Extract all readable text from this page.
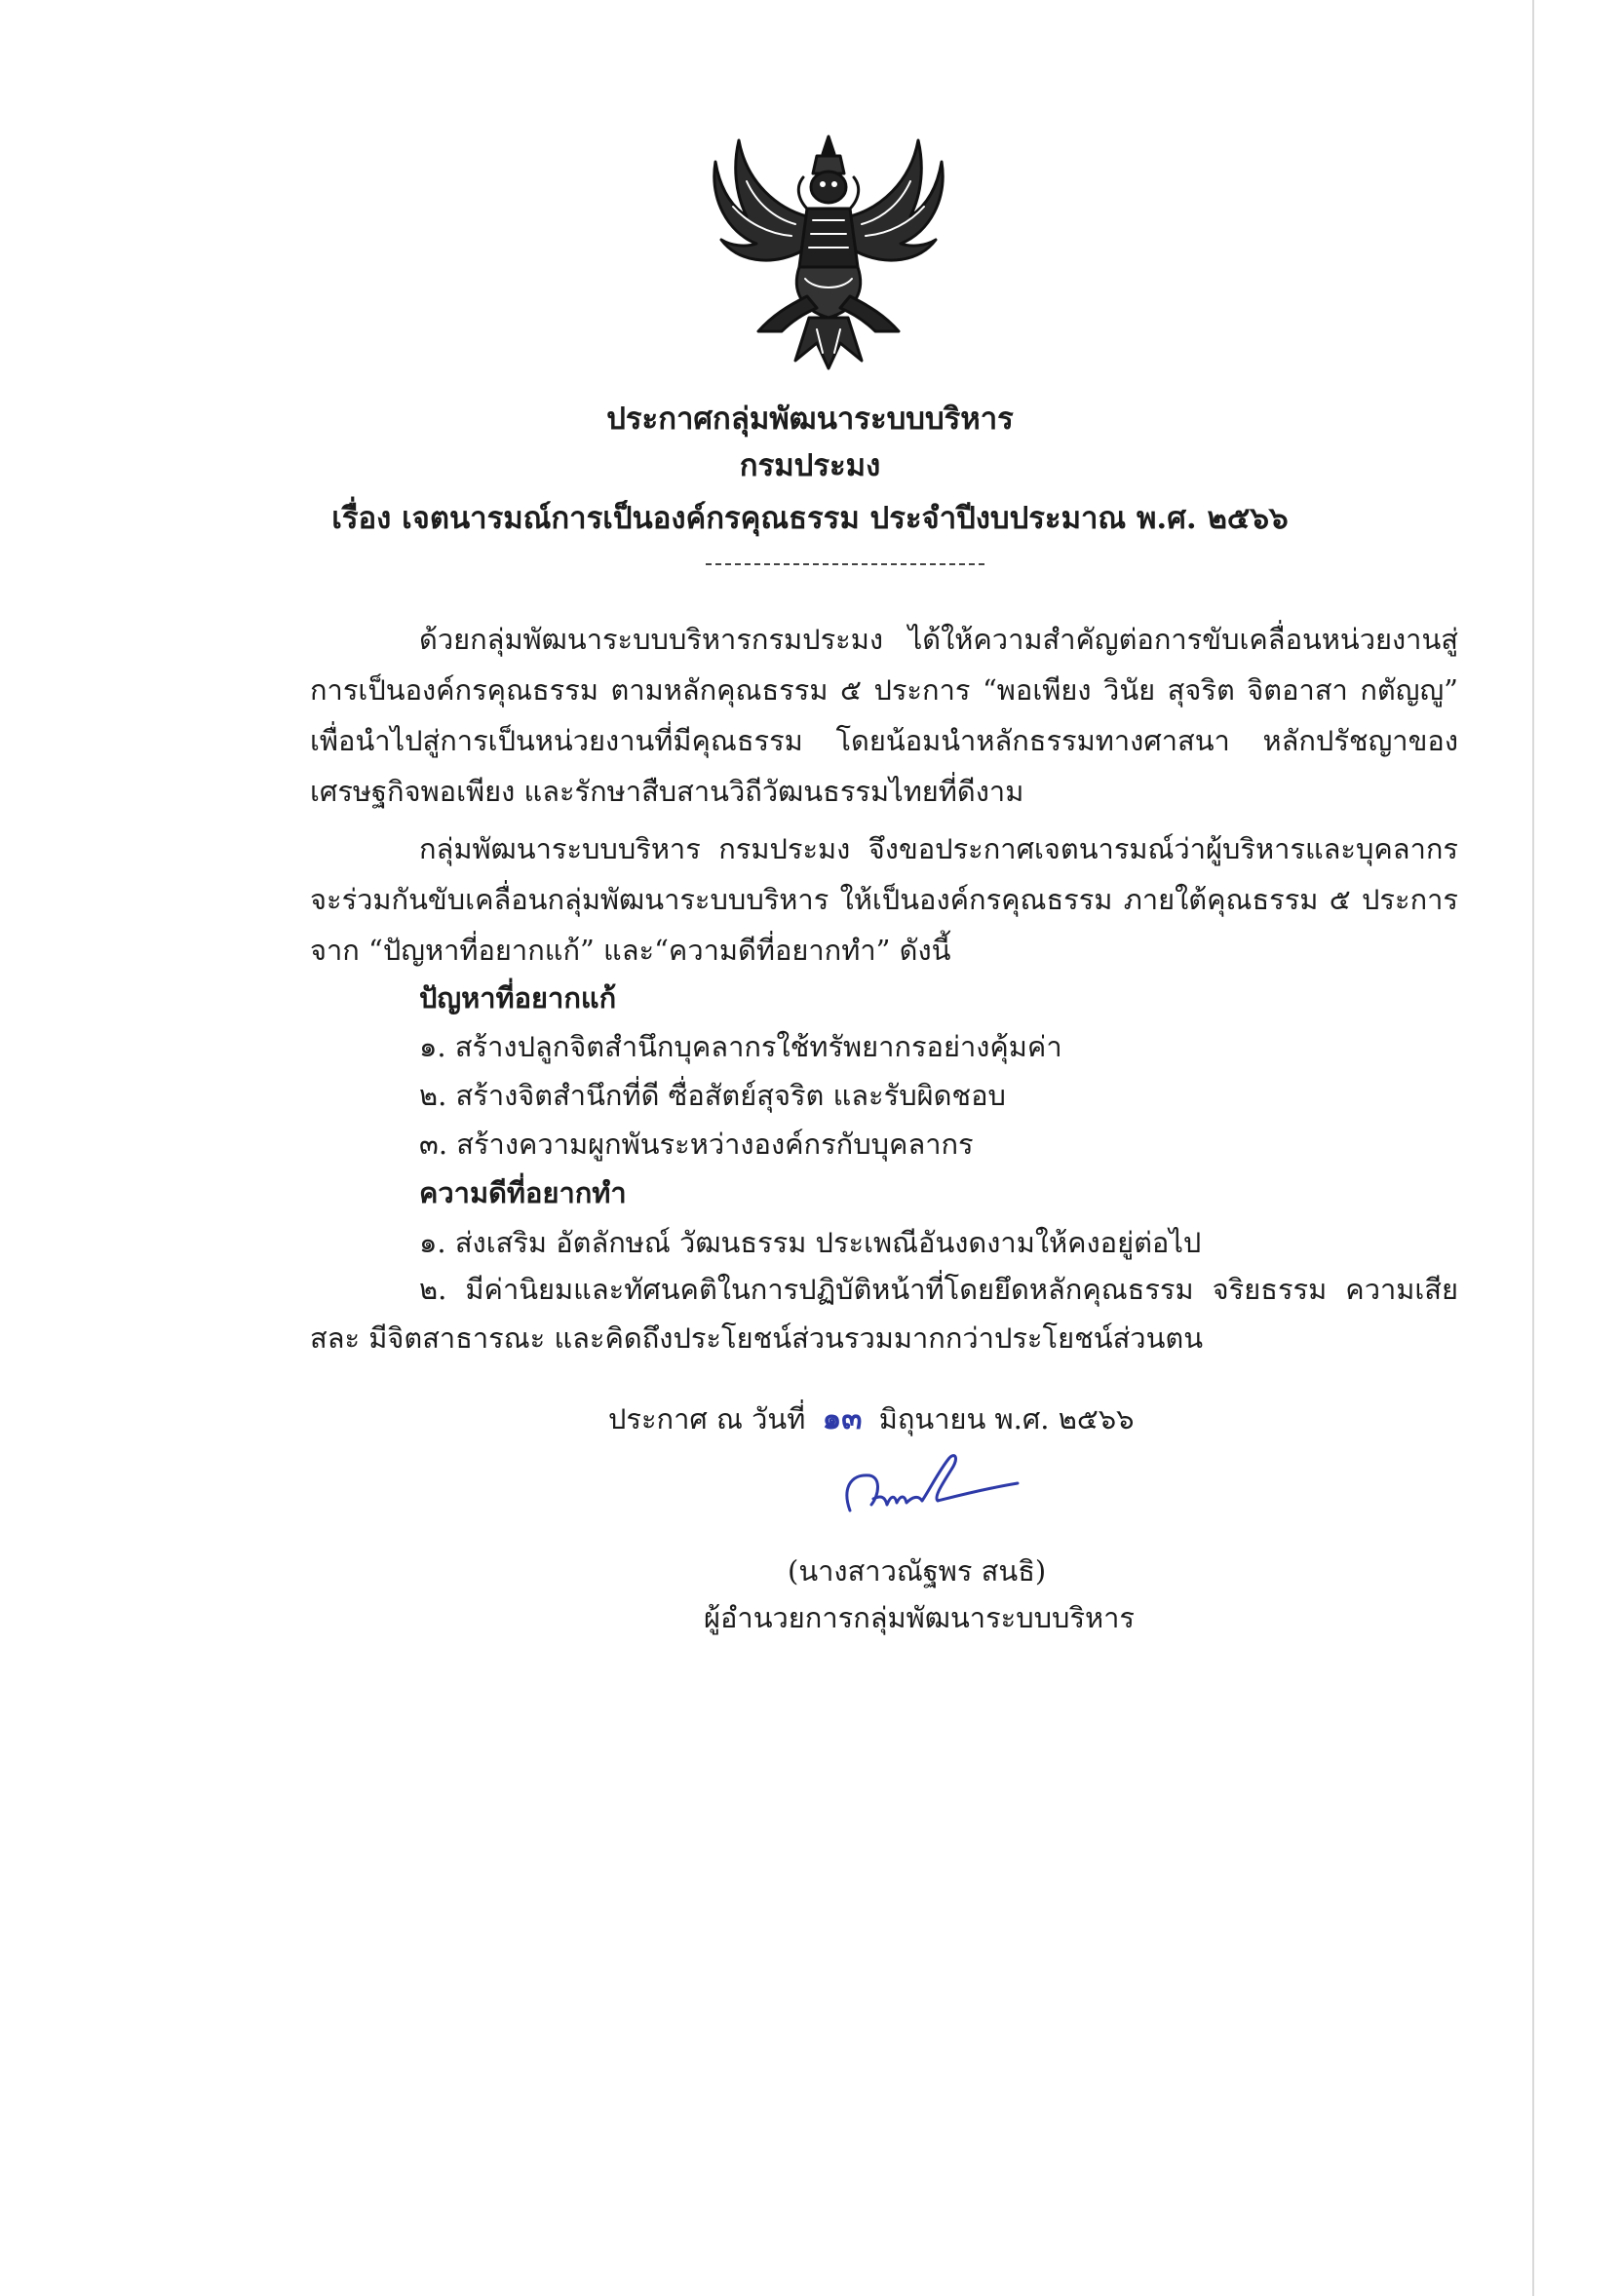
ประกาศกลุ่มพัฒนาระบบบริหาร
กรมประมง
เรื่อง เจตนารมณ์การเป็นองค์กรคุณธรรม ประจำปีงบประมาณ พ.ศ. ๒๕๖๖

ด้วยกลุ่มพัฒนาระบบบริหารกรมประมง ได้ให้ความสำคัญต่อการขับเคลื่อนหน่วยงานสู่การเป็นองค์กรคุณธรรม ตามหลักคุณธรรม ๕ ประการ “พอเพียง วินัย สุจริต จิตอาสา กตัญญู” เพื่อนำไปสู่การเป็นหน่วยงานที่มีคุณธรรม โดยน้อมนำหลักธรรมทางศาสนา หลักปรัชญาของเศรษฐกิจพอเพียง และรักษาสืบสานวิถีวัฒนธรรมไทยที่ดีงาม

กลุ่มพัฒนาระบบบริหาร กรมประมง จึงขอประกาศเจตนารมณ์ว่าผู้บริหารและบุคลากร จะร่วมกันขับเคลื่อนกลุ่มพัฒนาระบบบริหาร ให้เป็นองค์กรคุณธรรม ภายใต้คุณธรรม ๕ ประการ จาก “ปัญหาที่อยากแก้” และ“ความดีที่อยากทำ” ดังนี้

ปัญหาที่อยากแก้
๑. สร้างปลูกจิตสำนึกบุคลากรใช้ทรัพยากรอย่างคุ้มค่า
๒. สร้างจิตสำนึกที่ดี ซื่อสัตย์สุจริต และรับผิดชอบ
๓. สร้างความผูกพันระหว่างองค์กรกับบุคลากร
ความดีที่อยากทำ
๑. ส่งเสริม อัตลักษณ์ วัฒนธรรม ประเพณีอันงดงามให้คงอยู่ต่อไป

๒. มีค่านิยมและทัศนคติในการปฏิบัติหน้าที่โดยยึดหลักคุณธรรม จริยธรรม ความเสียสละ มีจิตสาธารณะ และคิดถึงประโยชน์ส่วนรวมมากกว่าประโยชน์ส่วนตน

ประกาศ ณ วันที่ ๑๓ มิถุนายน พ.ศ. ๒๕๖๖
(นางสาวณัฐพร สนธิ)
ผู้อำนวยการกลุ่มพัฒนาระบบบริหาร
